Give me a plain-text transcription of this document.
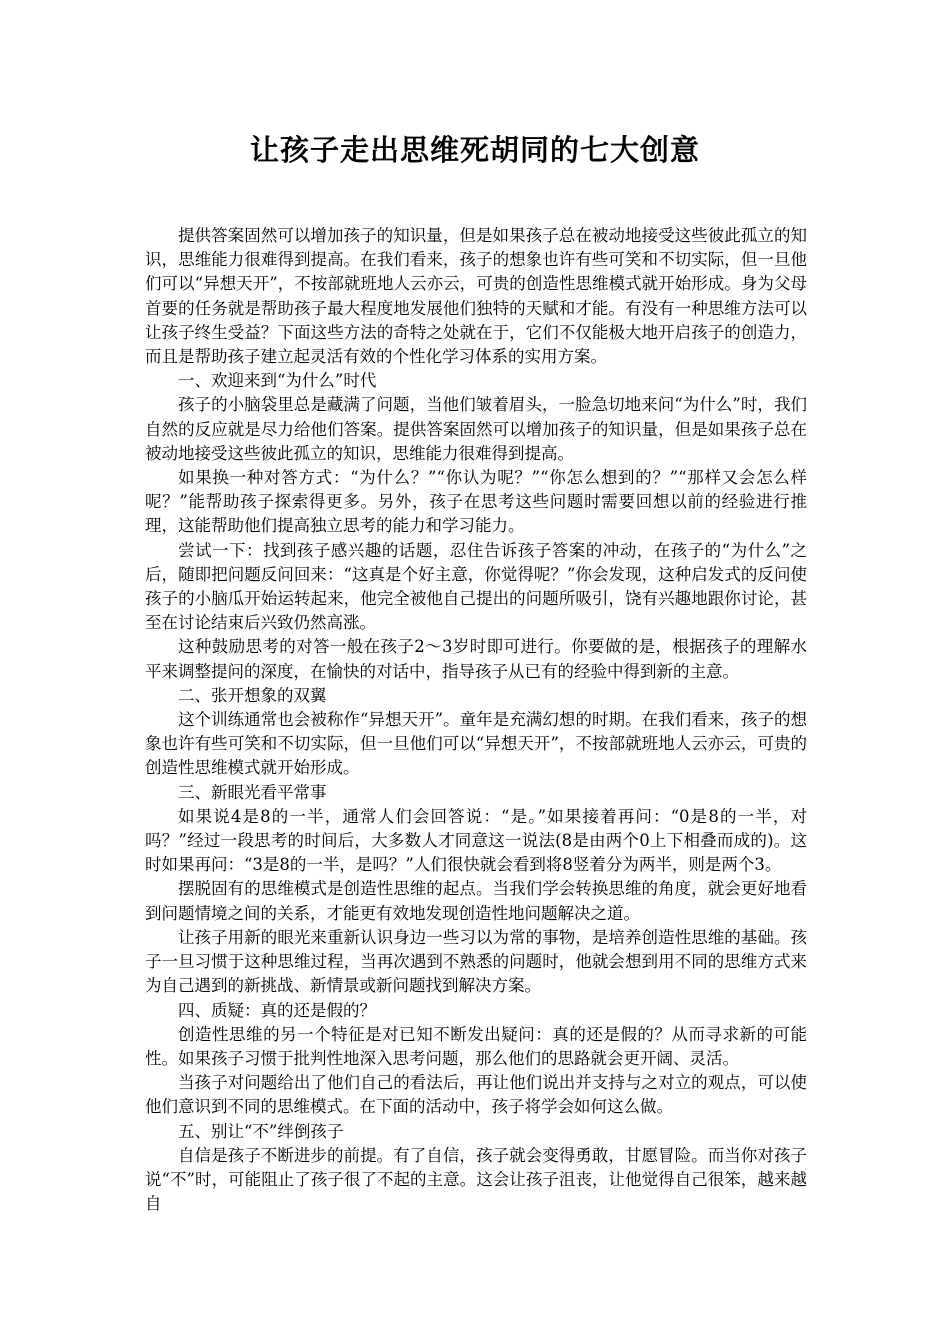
让孩子走出思维死胡同的七大创意

提供答案固然可以增加孩子的知识量，但是如果孩子总在被动地接受这些彼此孤立的知识，思维能力很难得到提高。在我们看来，孩子的想象也许有些可笑和不切实际，但一旦他们可以“异想天开”，不按部就班地人云亦云，可贵的创造性思维模式就开始形成。身为父母首要的任务就是帮助孩子最大程度地发展他们独特的天赋和才能。有没有一种思维方法可以让孩子终生受益？下面这些方法的奇特之处就在于，它们不仅能极大地开启孩子的创造力，而且是帮助孩子建立起灵活有效的个性化学习体系的实用方案。

一、欢迎来到“为什么”时代

孩子的小脑袋里总是藏满了问题，当他们皱着眉头，一脸急切地来问“为什么”时，我们自然的反应就是尽力给他们答案。提供答案固然可以增加孩子的知识量，但是如果孩子总在被动地接受这些彼此孤立的知识，思维能力很难得到提高。

如果换一种对答方式：“为什么？”“你认为呢？”“你怎么想到的？”“那样又会怎么样呢？”能帮助孩子探索得更多。另外，孩子在思考这些问题时需要回想以前的经验进行推理，这能帮助他们提高独立思考的能力和学习能力。

尝试一下：找到孩子感兴趣的话题，忍住告诉孩子答案的冲动，在孩子的“为什么”之后，随即把问题反问回来：“这真是个好主意，你觉得呢？”你会发现，这种启发式的反问使孩子的小脑瓜开始运转起来，他完全被他自己提出的问题所吸引，饶有兴趣地跟你讨论，甚至在讨论结束后兴致仍然高涨。

这种鼓励思考的对答一般在孩子2～3岁时即可进行。你要做的是，根据孩子的理解水平来调整提问的深度，在愉快的对话中，指导孩子从已有的经验中得到新的主意。

二、张开想象的双翼

这个训练通常也会被称作“异想天开”。童年是充满幻想的时期。在我们看来，孩子的想象也许有些可笑和不切实际，但一旦他们可以“异想天开”，不按部就班地人云亦云，可贵的创造性思维模式就开始形成。

三、新眼光看平常事

如果说4是8的一半，通常人们会回答说：“是。”如果接着再问：“0是8的一半，对吗？”经过一段思考的时间后，大多数人才同意这一说法(8是由两个0上下相叠而成的)。这时如果再问：“3是8的一半，是吗？”人们很快就会看到将8竖着分为两半，则是两个3。

摆脱固有的思维模式是创造性思维的起点。当我们学会转换思维的角度，就会更好地看到问题情境之间的关系，才能更有效地发现创造性地问题解决之道。

让孩子用新的眼光来重新认识身边一些习以为常的事物，是培养创造性思维的基础。孩子一旦习惯于这种思维过程，当再次遇到不熟悉的问题时，他就会想到用不同的思维方式来为自己遇到的新挑战、新情景或新问题找到解决方案。

四、质疑：真的还是假的？

创造性思维的另一个特征是对已知不断发出疑问：真的还是假的？从而寻求新的可能性。如果孩子习惯于批判性地深入思考问题，那么他们的思路就会更开阔、灵活。

当孩子对问题给出了他们自己的看法后，再让他们说出并支持与之对立的观点，可以使他们意识到不同的思维模式。在下面的活动中，孩子将学会如何这么做。

五、别让“不”绊倒孩子

自信是孩子不断进步的前提。有了自信，孩子就会变得勇敢，甘愿冒险。而当你对孩子说“不”时，可能阻止了孩子很了不起的主意。这会让孩子沮丧，让他觉得自己很笨，越来越自
